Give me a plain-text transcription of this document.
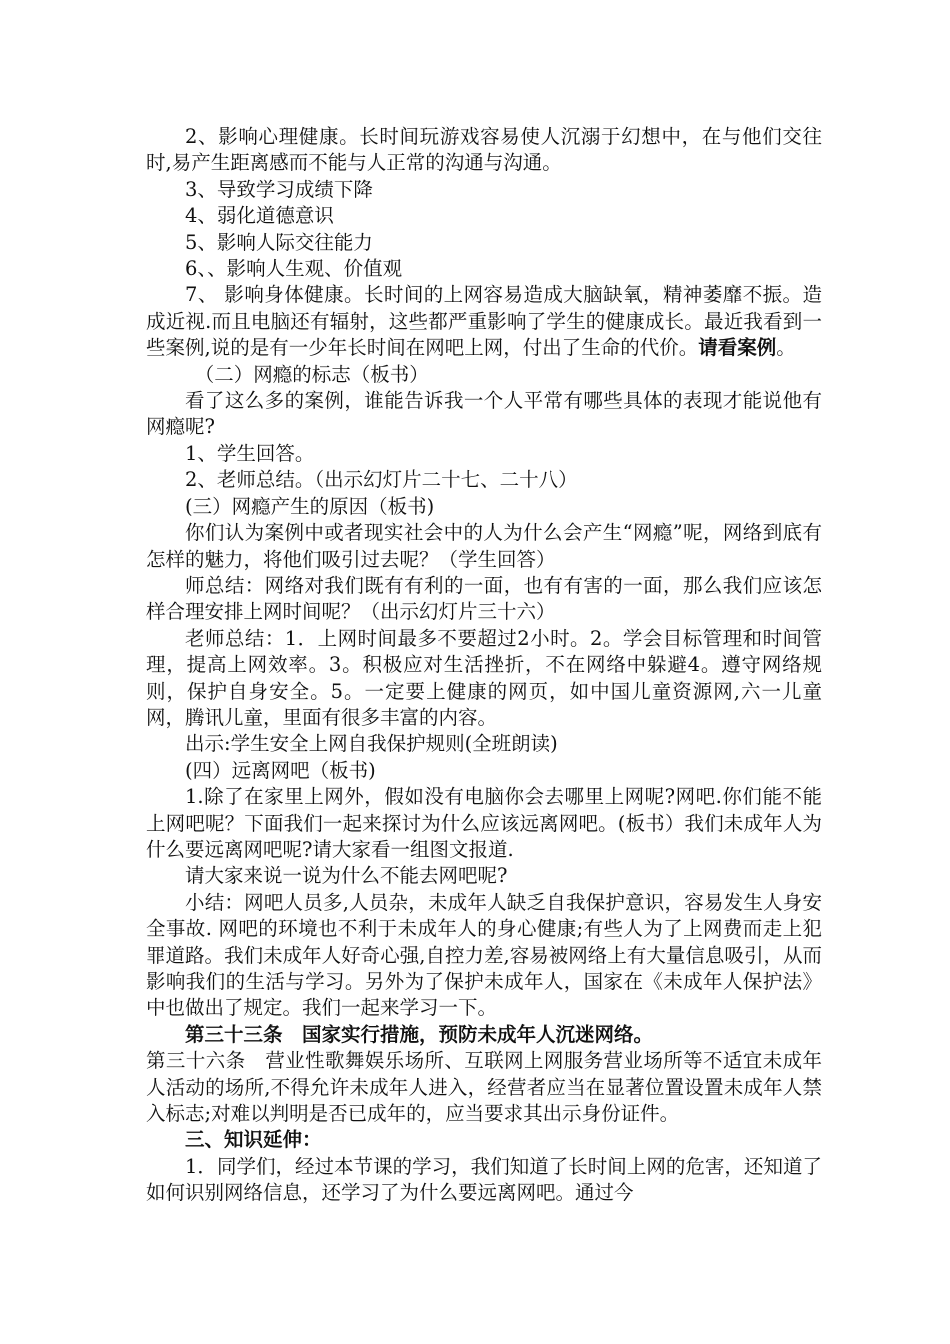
2、影响心理健康。长时间玩游戏容易使人沉溺于幻想中，在与他们交往时,易产生距离感而不能与人正常的沟通与沟通。

3、导致学习成绩下降

4、弱化道德意识

5、影响人际交往能力

6、、影响人生观、价值观

7、 影响身体健康。长时间的上网容易造成大脑缺氧，精神萎靡不振。造成近视.而且电脑还有辐射，这些都严重影响了学生的健康成长。最近我看到一些案例,说的是有一少年长时间在网吧上网，付出了生命的代价。请看案例。

（二）网瘾的标志（板书）

看了这么多的案例，谁能告诉我一个人平常有哪些具体的表现才能说他有网瘾呢?

1、学生回答。

2、老师总结。（出示幻灯片二十七、二十八）

(三）网瘾产生的原因（板书)

你们认为案例中或者现实社会中的人为什么会产生“网瘾”呢，网络到底有怎样的魅力，将他们吸引过去呢？（学生回答）

师总结：网络对我们既有有利的一面，也有有害的一面，那么我们应该怎样合理安排上网时间呢？（出示幻灯片三十六）

老师总结：1．上网时间最多不要超过2小时。2。学会目标管理和时间管理，提高上网效率。3。积极应对生活挫折，不在网络中躲避4。遵守网络规则，保护自身安全。5。一定要上健康的网页，如中国儿童资源网,六一儿童网，腾讯儿童，里面有很多丰富的内容。

出示:学生安全上网自我保护规则(全班朗读)

(四）远离网吧（板书)

1.除了在家里上网外，假如没有电脑你会去哪里上网呢?网吧.你们能不能上网吧呢？下面我们一起来探讨为什么应该远离网吧。(板书）我们未成年人为什么要远离网吧呢?请大家看一组图文报道.

请大家来说一说为什么不能去网吧呢?

小结：网吧人员多,人员杂，未成年人缺乏自我保护意识，容易发生人身安全事故. 网吧的环境也不利于未成年人的身心健康;有些人为了上网费而走上犯罪道路。我们未成年人好奇心强,自控力差,容易被网络上有大量信息吸引，从而影响我们的生活与学习。另外为了保护未成年人，国家在《未成年人保护法》中也做出了规定。我们一起来学习一下。

第三十三条　国家实行措施，预防未成年人沉迷网络。

第三十六条　营业性歌舞娱乐场所、互联网上网服务营业场所等不适宜未成年人活动的场所,不得允许未成年人进入，经营者应当在显著位置设置未成年人禁入标志;对难以判明是否已成年的，应当要求其出示身份证件。

三、知识延伸：

1．同学们，经过本节课的学习，我们知道了长时间上网的危害，还知道了如何识别网络信息，还学习了为什么要远离网吧。通过今
